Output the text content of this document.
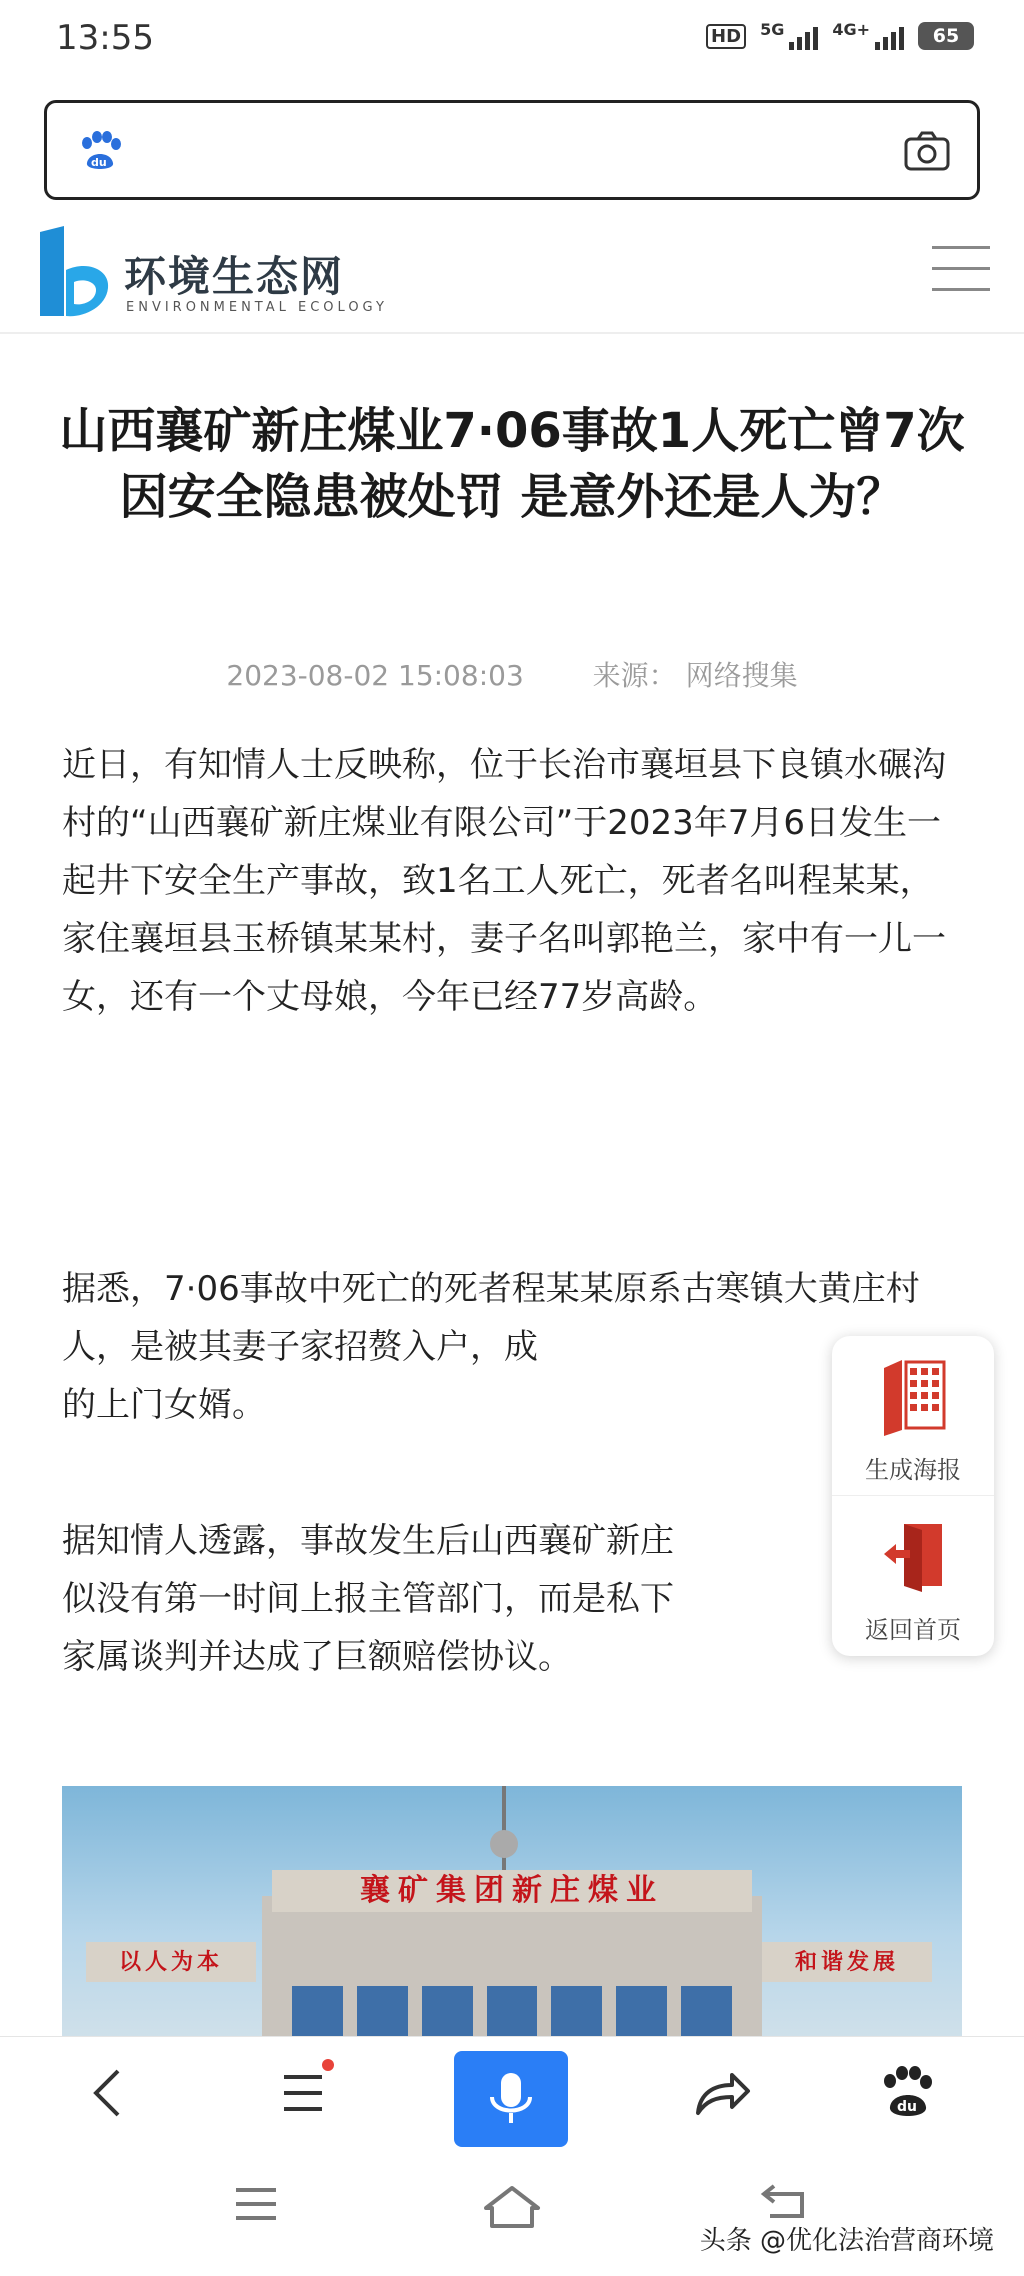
13:55	HD	5G	4G+	65
du
环境生态网
ENVIRONMENTAL ECOLOGY
山西襄矿新庄煤业7·06事故1人死亡曾7次因安全隐患被处罚 是意外还是人为？
2023-08-02 15:08:03 来源： 网络搜集

近日，有知情人士反映称，位于长治市襄垣县下良镇水碾沟村的“山西襄矿新庄煤业有限公司”于2023年7月6日发生一起井下安全生产事故，致1名工人死亡，死者名叫程某某，家住襄垣县玉桥镇某某村，妻子名叫郭艳兰，家中有一儿一女，还有一个丈母娘，今年已经77岁高龄。

据悉，7·06事故中死亡的死者程某某原系古寒镇大黄庄村人，是被其妻子家招赘入户，成
的上门女婿。
据知情人透露，事故发生后山西襄矿新庄
似没有第一时间上报主管部门，而是私下
家属谈判并达成了巨额赔偿协议。
襄矿集团新庄煤业
以人为本	和谐发展
生成海报
返回首页
du
头条 @优化法治营商环境
